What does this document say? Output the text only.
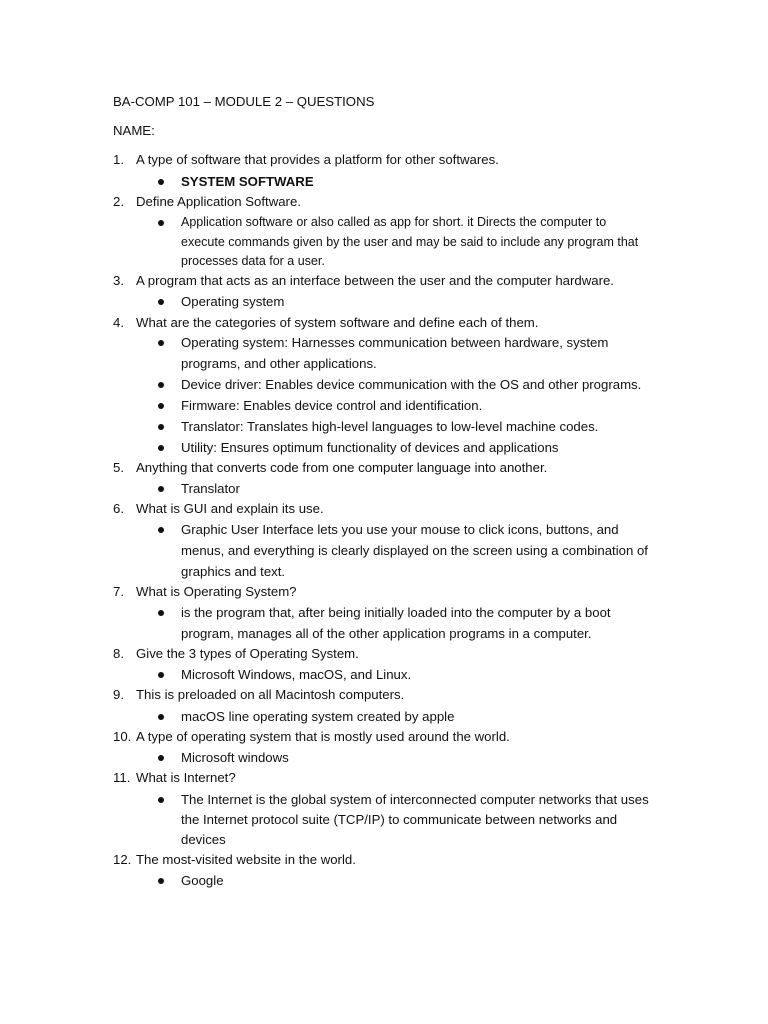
BA-COMP 101 – MODULE 2 – QUESTIONS
NAME:
1. A type of software that provides a platform for other softwares.
SYSTEM SOFTWARE
2. Define Application Software.
Application software or also called as app for short. it Directs the computer to
execute commands given by the user and may be said to include any program that
processes data for a user.
3. A program that acts as an interface between the user and the computer hardware.
Operating system
4. What are the categories of system software and define each of them.
Operating system: Harnesses communication between hardware, system
programs, and other applications.
Device driver: Enables device communication with the OS and other programs.
Firmware: Enables device control and identification.
Translator: Translates high-level languages to low-level machine codes.
Utility: Ensures optimum functionality of devices and applications
5. Anything that converts code from one computer language into another.
Translator
6. What is GUI and explain its use.
Graphic User Interface lets you use your mouse to click icons, buttons, and
menus, and everything is clearly displayed on the screen using a combination of
graphics and text.
7. What is Operating System?
is the program that, after being initially loaded into the computer by a boot
program, manages all of the other application programs in a computer.
8. Give the 3 types of Operating System.
Microsoft Windows, macOS, and Linux.
9. This is preloaded on all Macintosh computers.
macOS line operating system created by apple
10. A type of operating system that is mostly used around the world.
Microsoft windows
11. What is Internet?
The Internet is the global system of interconnected computer networks that uses
the Internet protocol suite (TCP/IP) to communicate between networks and
devices
12. The most-visited website in the world.
Google
